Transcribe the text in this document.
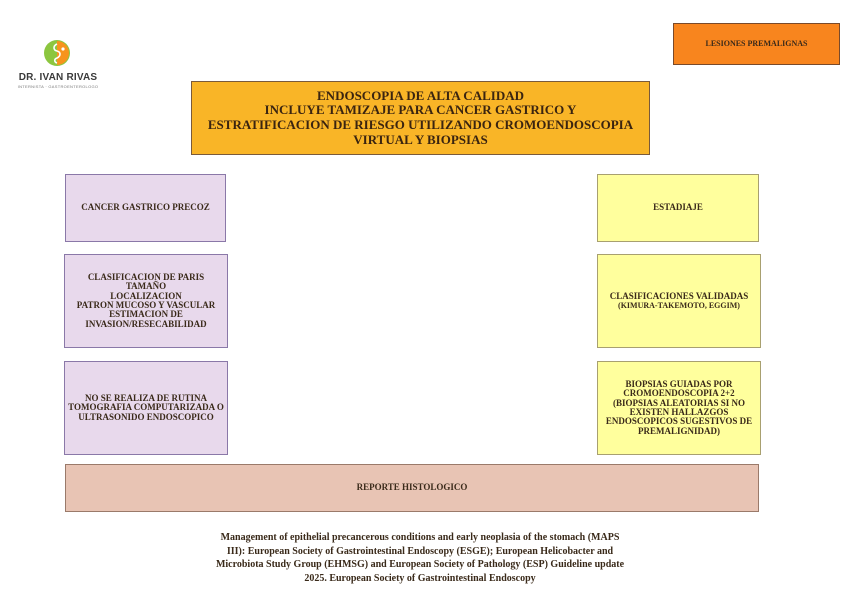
DR. IVAN RIVAS
INTERNISTA · GASTROENTEROLOGO
LESIONES PREMALIGNAS
ENDOSCOPIA DE ALTA CALIDAD
INCLUYE TAMIZAJE PARA CANCER GASTRICO Y
ESTRATIFICACION DE RIESGO UTILIZANDO CROMOENDOSCOPIA
VIRTUAL Y BIOPSIAS
CANCER GASTRICO PRECOZ
CLASIFICACION DE PARIS
TAMAÑO
LOCALIZACION
PATRON MUCOSO Y VASCULAR
ESTIMACION DE
INVASION/RESECABILIDAD
NO SE REALIZA DE RUTINA
TOMOGRAFIA COMPUTARIZADA O
ULTRASONIDO ENDOSCOPICO
ESTADIAJE
CLASIFICACIONES VALIDADAS
(KIMURA-TAKEMOTO, EGGIM)
BIOPSIAS GUIADAS POR
CROMOENDOSCOPIA 2+2
(BIOPSIAS ALEATORIAS SI NO
EXISTEN HALLAZGOS
ENDOSCOPICOS SUGESTIVOS DE
PREMALIGNIDAD)
REPORTE HISTOLOGICO
Management of epithelial precancerous conditions and early neoplasia of the stomach (MAPS
III): European Society of Gastrointestinal Endoscopy (ESGE); European Helicobacter and
Microbiota Study Group (EHMSG) and European Society of Pathology (ESP) Guideline update
2025. European Society of Gastrointestinal Endoscopy
